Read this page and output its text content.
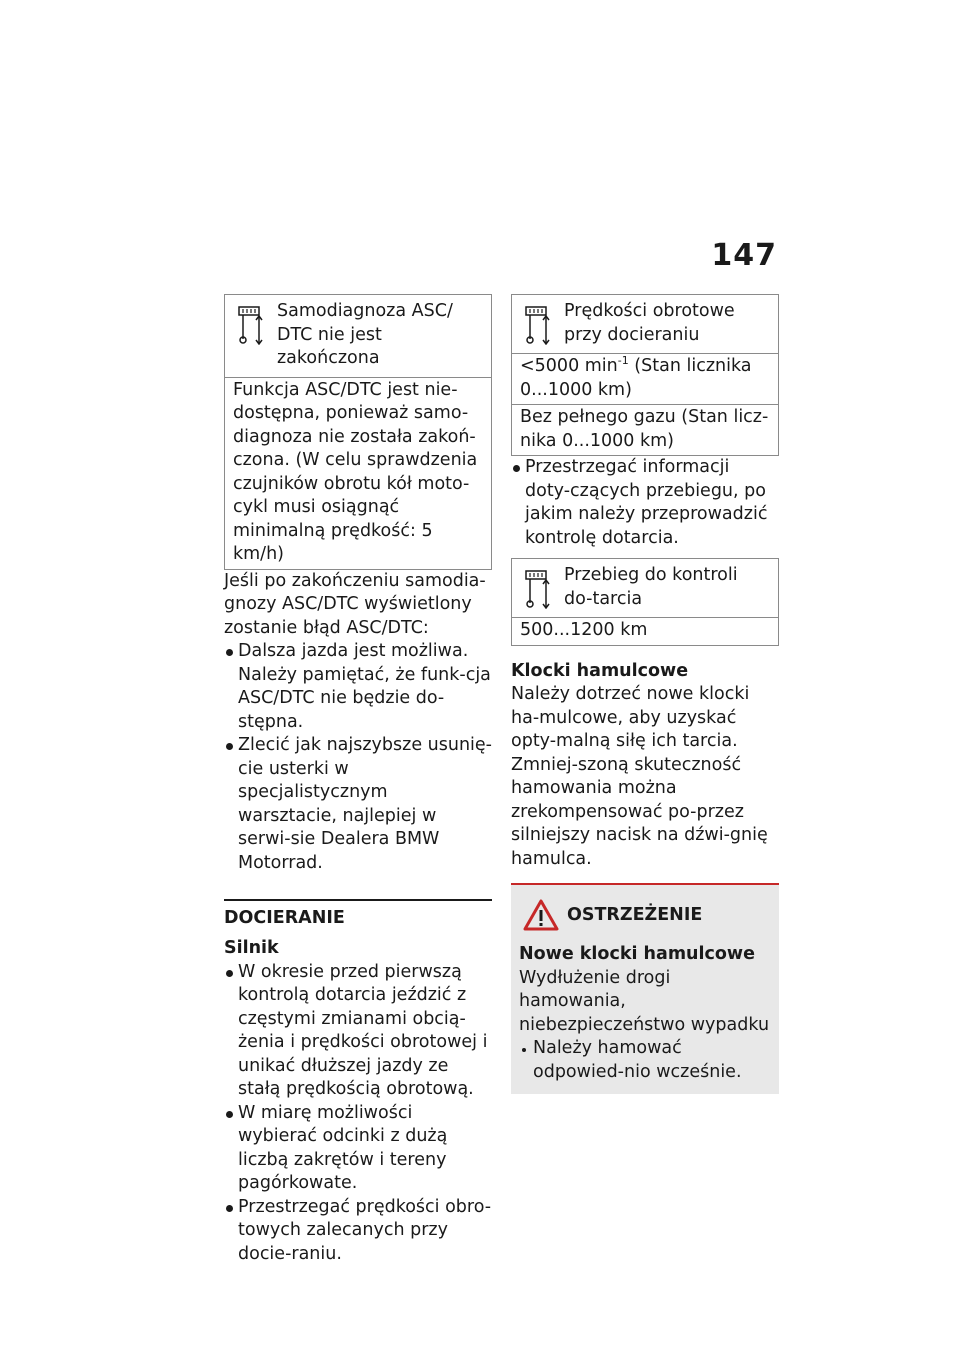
147
Samodiagnoza ASC/ DTC nie jest zakończona
Funkcja ASC/DTC jest nie-dostępna, ponieważ samo-diagnoza nie została zakoń-czona. (W celu sprawdzenia czujników obrotu kół moto-cykl musi osiągnąć minimalną prędkość: 5 km/h)

Jeśli po zakończeniu samodia-gnozy ASC/DTC wyświetlony zostanie błąd ASC/DTC:

Dalsza jazda jest możliwa. Należy pamiętać, że funk-cja ASC/DTC nie będzie do-stępna.
Zlecić jak najszybsze usunię-cie usterki w specjalistycznym warsztacie, najlepiej w serwi-sie Dealera BMW Motorrad.
DOCIERANIE
Silnik
W okresie przed pierwszą kontrolą dotarcia jeździć z częstymi zmianami obcią-żenia i prędkości obrotowej i unikać dłuższej jazdy ze stałą prędkością obrotową.
W miarę możliwości wybierać odcinki z dużą liczbą zakrętów i tereny pagórkowate.
Przestrzegać prędkości obro-towych zalecanych przy docie-raniu.
Prędkości obrotowe przy docieraniu
<5000 $\min^{-1} (Stan$ licznika 0...1000 km)
Bez pełnego gazu (Stan licz-nika 0...1000 km)
Przestrzegać informacji doty-czących przebiegu, po jakim należy przeprowadzić kontrolę dotarcia.
Przebieg do kontroli do-tarcia
500...1200 km
Klocki hamulcowe

Należy dotrzeć nowe klocki ha-mulcowe, aby uzyskać opty-malną siłę ich tarcia. Zmniej-szoną skuteczność hamowania można zrekompensować po-przez silniejszy nacisk na dźwi-gnię hamulca.

OSTRZEŻENIE
Nowe klocki hamulcowe

Wydłużenie drogi hamowania, niebezpieczeństwo wypadku

Należy hamować odpowied-nio wcześnie.
